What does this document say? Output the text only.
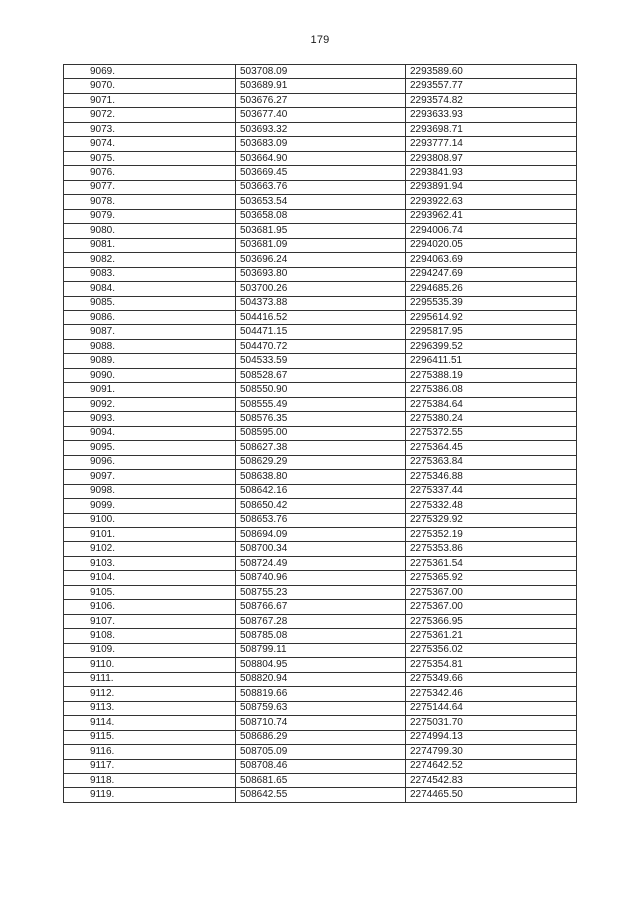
179
9069.	503708.09	2293589.60
9070.	503689.91	2293557.77
9071.	503676.27	2293574.82
9072.	503677.40	2293633.93
9073.	503693.32	2293698.71
9074.	503683.09	2293777.14
9075.	503664.90	2293808.97
9076.	503669.45	2293841.93
9077.	503663.76	2293891.94
9078.	503653.54	2293922.63
9079.	503658.08	2293962.41
9080.	503681.95	2294006.74
9081.	503681.09	2294020.05
9082.	503696.24	2294063.69
9083.	503693.80	2294247.69
9084.	503700.26	2294685.26
9085.	504373.88	2295535.39
9086.	504416.52	2295614.92
9087.	504471.15	2295817.95
9088.	504470.72	2296399.52
9089.	504533.59	2296411.51
9090.	508528.67	2275388.19
9091.	508550.90	2275386.08
9092.	508555.49	2275384.64
9093.	508576.35	2275380.24
9094.	508595.00	2275372.55
9095.	508627.38	2275364.45
9096.	508629.29	2275363.84
9097.	508638.80	2275346.88
9098.	508642.16	2275337.44
9099.	508650.42	2275332.48
9100.	508653.76	2275329.92
9101.	508694.09	2275352.19
9102.	508700.34	2275353.86
9103.	508724.49	2275361.54
9104.	508740.96	2275365.92
9105.	508755.23	2275367.00
9106.	508766.67	2275367.00
9107.	508767.28	2275366.95
9108.	508785.08	2275361.21
9109.	508799.11	2275356.02
9110.	508804.95	2275354.81
9111.	508820.94	2275349.66
9112.	508819.66	2275342.46
9113.	508759.63	2275144.64
9114.	508710.74	2275031.70
9115.	508686.29	2274994.13
9116.	508705.09	2274799.30
9117.	508708.46	2274642.52
9118.	508681.65	2274542.83
9119.	508642.55	2274465.50
